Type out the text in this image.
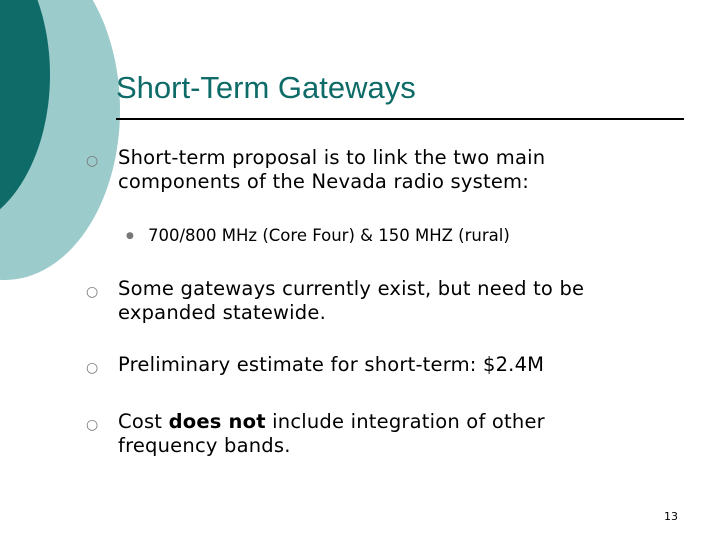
Short-Term Gateways
○ Short-term proposal is to link the two main components of the Nevada radio system:
● 700/800 MHz (Core Four) & 150 MHZ (rural)
○ Some gateways currently exist, but need to be expanded statewide.
○ Preliminary estimate for short-term: $2.4M
○ Cost does not include integration of other frequency bands.
13
